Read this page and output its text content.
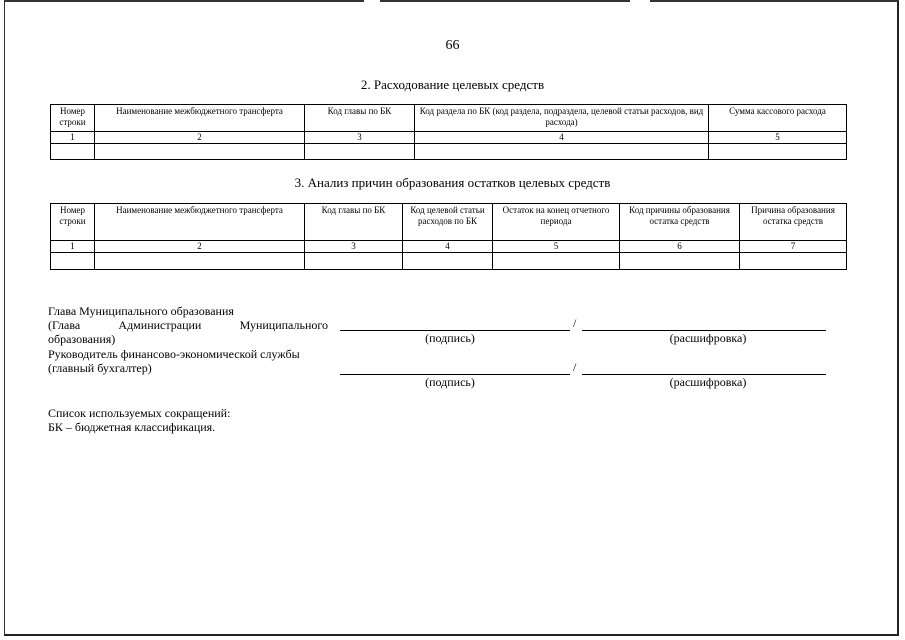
66
2. Расходование целевых средств
Номер строки	Наименование межбюджетного трансферта	Код главы по БК	Код раздела по БК (код раздела, подраздела, целевой статьи расходов, вид расхода)	Сумма кассового расхода
1	2	3	4	5

3. Анализ причин образования остатков целевых средств
Номер строки	Наименование межбюджетного трансферта	Код главы по БК	Код целевой статьи расходов по БК	Остаток на конец отчетного периода	Код причины образования остатка средств	Причина образования остатка средств
1	2	3	4	5	6	7

Глава Муниципального образования
(Глава	Администрации	Муниципального
образования)
/
(подпись)	(расшифровка)
Руководитель финансово-экономической службы
(главный бухгалтер)	/
(подпись)	(расшифровка)
Список используемых сокращений:
БК – бюджетная классификация.
